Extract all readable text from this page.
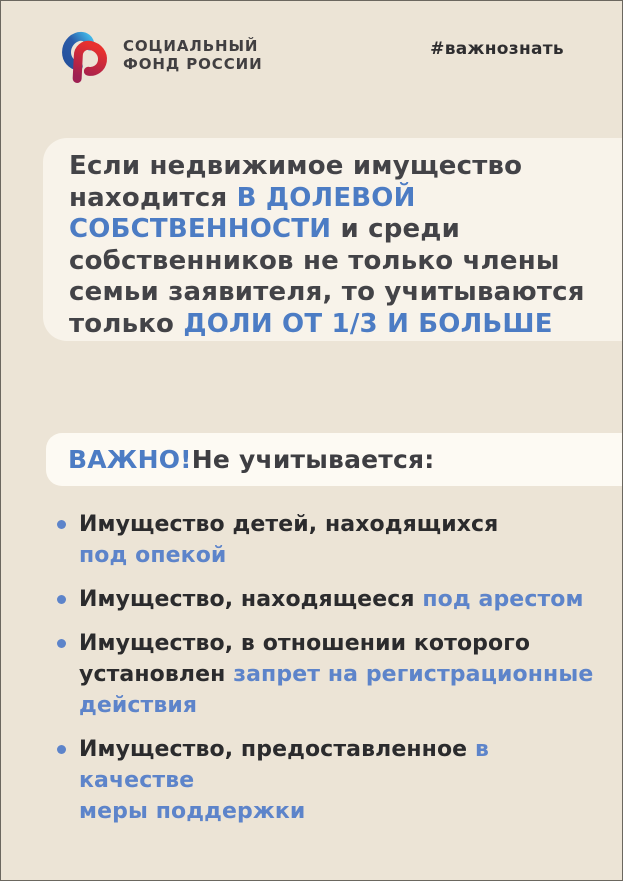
СОЦИАЛЬНЫЙ
ФОНД РОССИИ
#важнознать
Если недвижимое имущество
находится В ДОЛЕВОЙ
СОБСТВЕННОСТИ и среди
собственников не только члены
семьи заявителя, то учитываются
только ДОЛИ ОТ 1/3 И БОЛЬШЕ
ВАЖНО! Не учитывается:
Имущество детей, находящихся
под опекой
Имущество, находящееся под арестом
Имущество, в отношении которого
установлен запрет на регистрационные
действия
Имущество, предоставленное в качестве
меры поддержки
